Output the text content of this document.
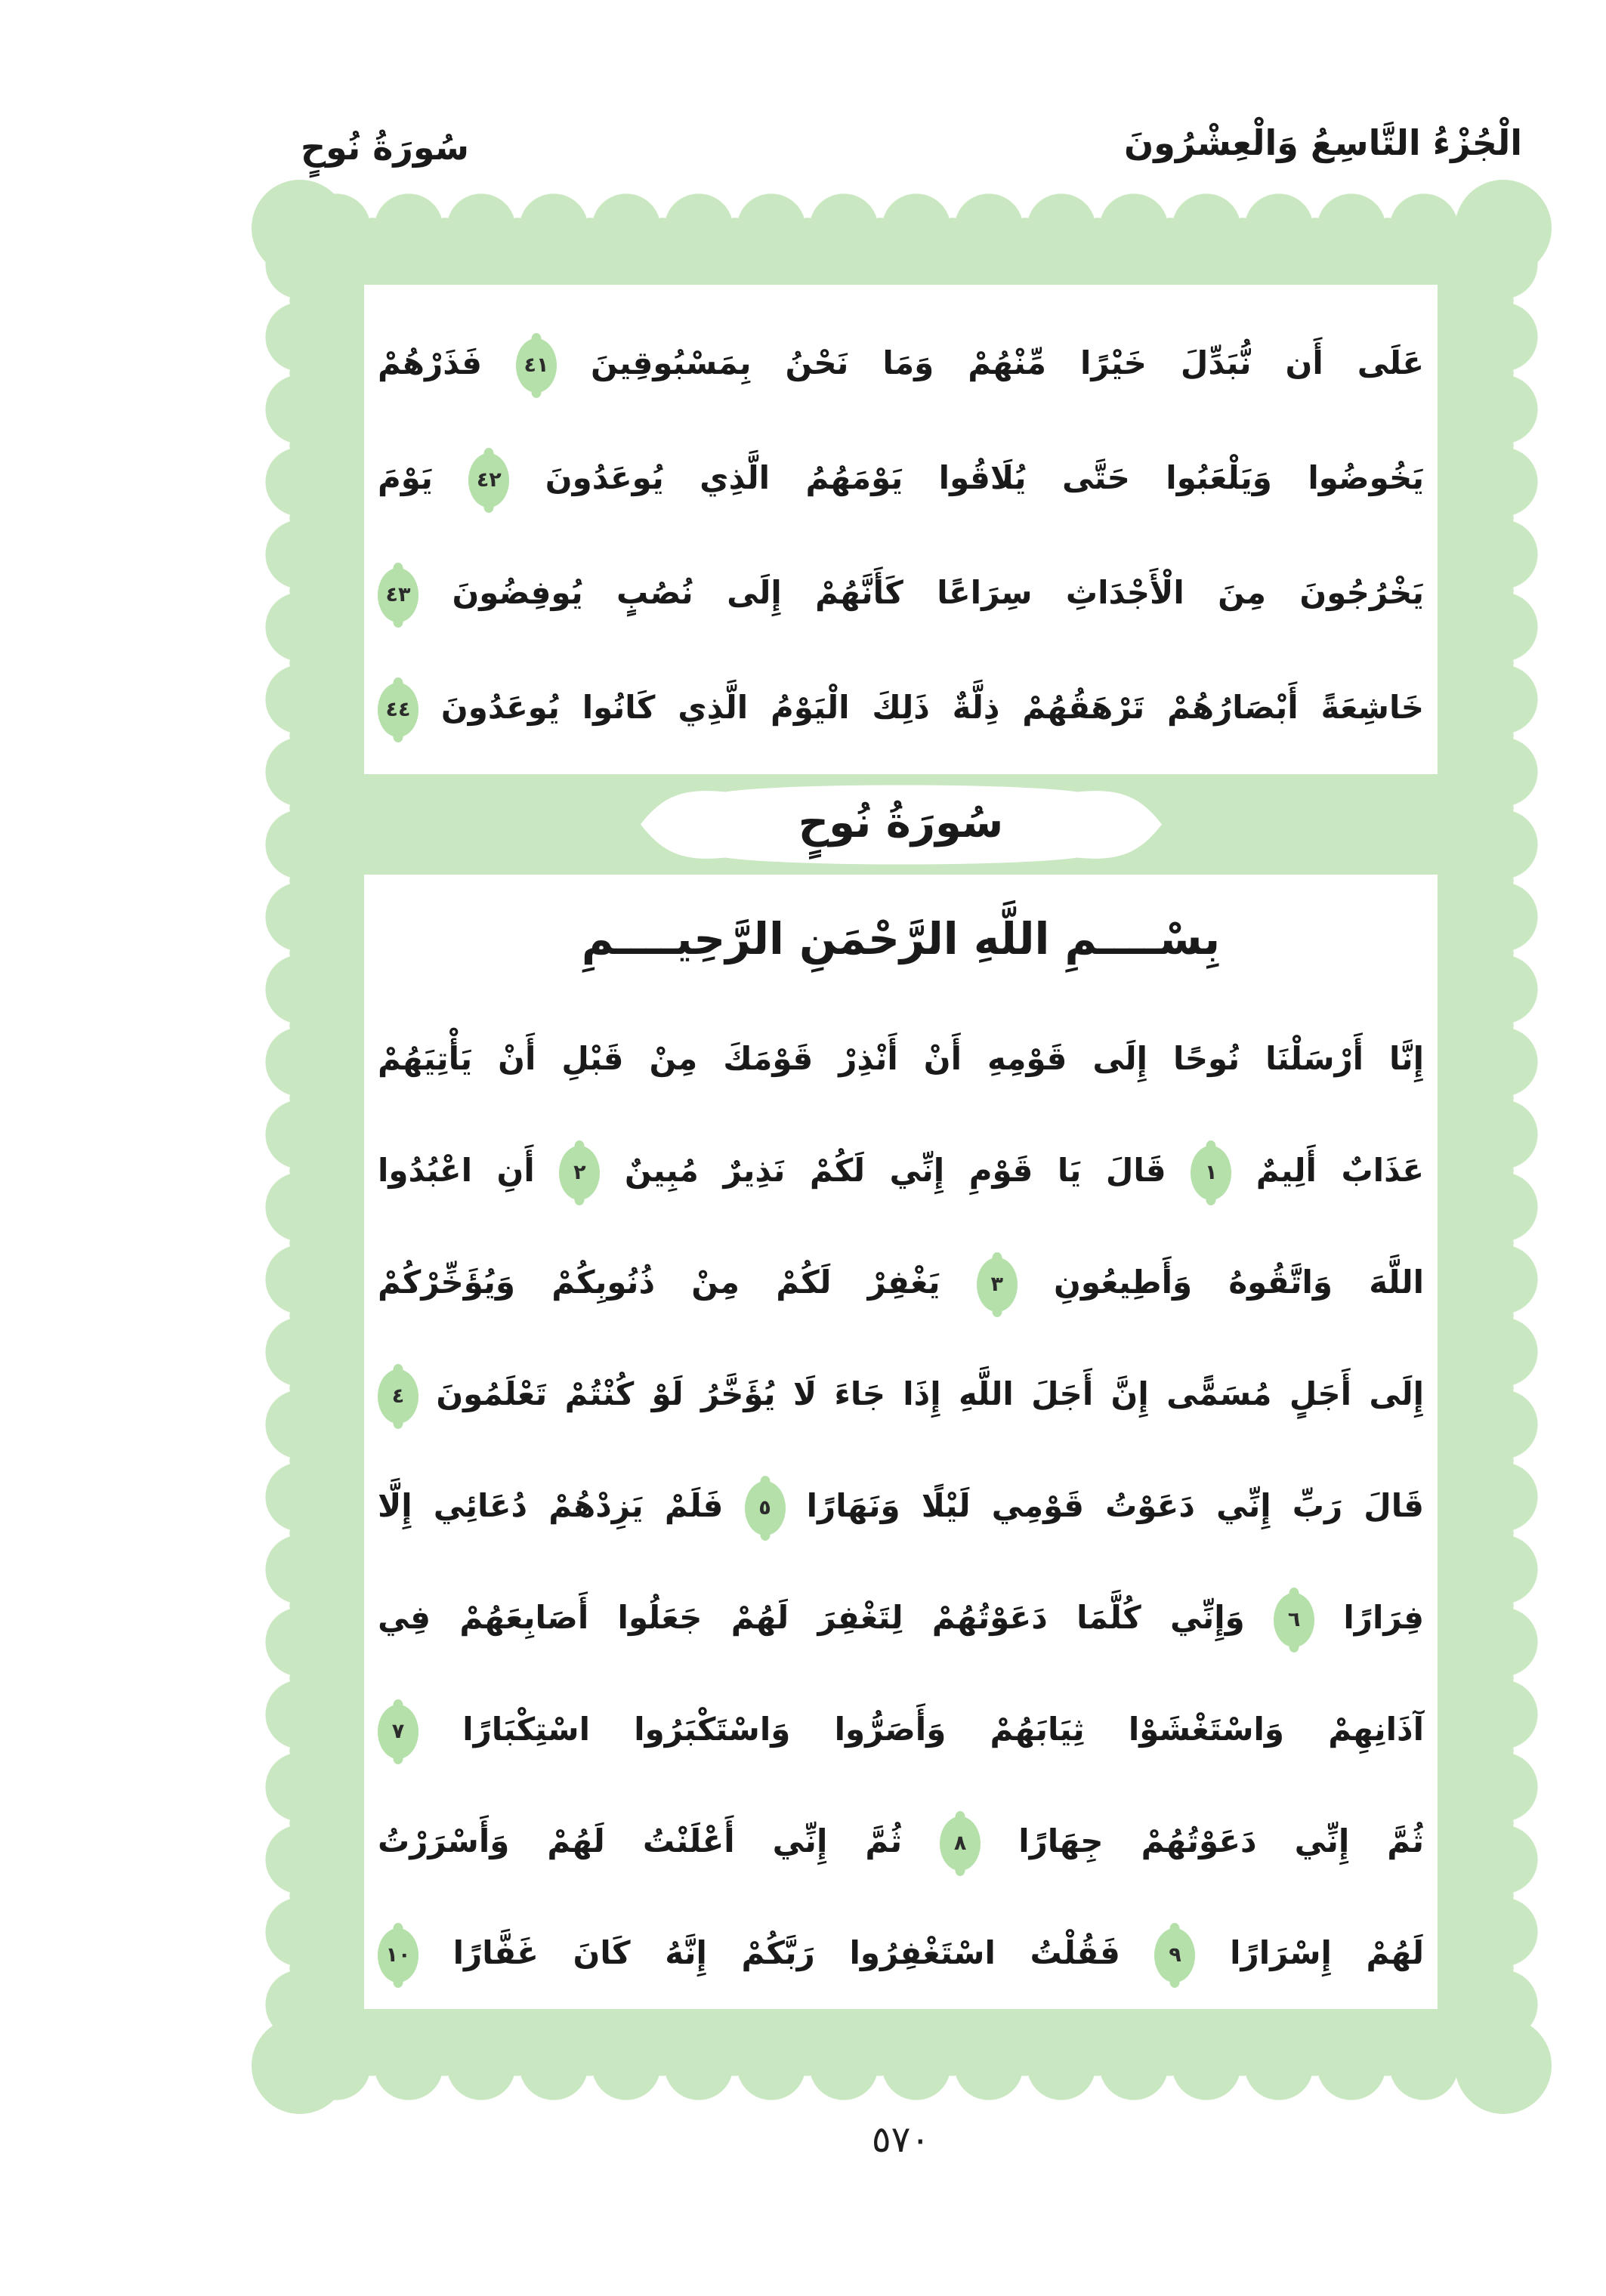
سُورَةُ نُوحٍ	الْجُزْءُ التَّاسِعُ وَالْعِشْرُونَ
عَلَى أَن نُّبَدِّلَ خَيْرًا مِّنْهُمْ وَمَا نَحْنُ بِمَسْبُوقِينَ
٤١
فَذَرْهُمْ
يَخُوضُوا وَيَلْعَبُوا حَتَّى يُلَاقُوا يَوْمَهُمُ الَّذِي يُوعَدُونَ
٤٢
يَوْمَ
يَخْرُجُونَ مِنَ الْأَجْدَاثِ سِرَاعًا كَأَنَّهُمْ إِلَى نُصُبٍ يُوفِضُونَ
٤٣
خَاشِعَةً أَبْصَارُهُمْ تَرْهَقُهُمْ ذِلَّةٌ ذَلِكَ الْيَوْمُ الَّذِي كَانُوا يُوعَدُونَ
٤٤
سُورَةُ نُوحٍ
بِسْــــمِ اللَّهِ الرَّحْمَنِ الرَّحِيــــمِ
إِنَّا أَرْسَلْنَا نُوحًا إِلَى قَوْمِهِ أَنْ أَنْذِرْ قَوْمَكَ مِنْ قَبْلِ أَنْ يَأْتِيَهُمْ
عَذَابٌ أَلِيمٌ
١
قَالَ يَا قَوْمِ إِنِّي لَكُمْ نَذِيرٌ مُبِينٌ
٢
أَنِ اعْبُدُوا
اللَّهَ وَاتَّقُوهُ وَأَطِيعُونِ
٣
يَغْفِرْ لَكُمْ مِنْ ذُنُوبِكُمْ وَيُؤَخِّرْكُمْ
إِلَى أَجَلٍ مُسَمًّى إِنَّ أَجَلَ اللَّهِ إِذَا جَاءَ لَا يُؤَخَّرُ لَوْ كُنْتُمْ تَعْلَمُونَ
٤
قَالَ رَبِّ إِنِّي دَعَوْتُ قَوْمِي لَيْلًا وَنَهَارًا
٥
فَلَمْ يَزِدْهُمْ دُعَائِي إِلَّا
فِرَارًا
٦
وَإِنِّي كُلَّمَا دَعَوْتُهُمْ لِتَغْفِرَ لَهُمْ جَعَلُوا أَصَابِعَهُمْ فِي
آذَانِهِمْ وَاسْتَغْشَوْا ثِيَابَهُمْ وَأَصَرُّوا وَاسْتَكْبَرُوا اسْتِكْبَارًا
٧
ثُمَّ إِنِّي دَعَوْتُهُمْ جِهَارًا
٨
ثُمَّ إِنِّي أَعْلَنْتُ لَهُمْ وَأَسْرَرْتُ
لَهُمْ إِسْرَارًا
٩
فَقُلْتُ اسْتَغْفِرُوا رَبَّكُمْ إِنَّهُ كَانَ غَفَّارًا
١٠
٥٧٠
